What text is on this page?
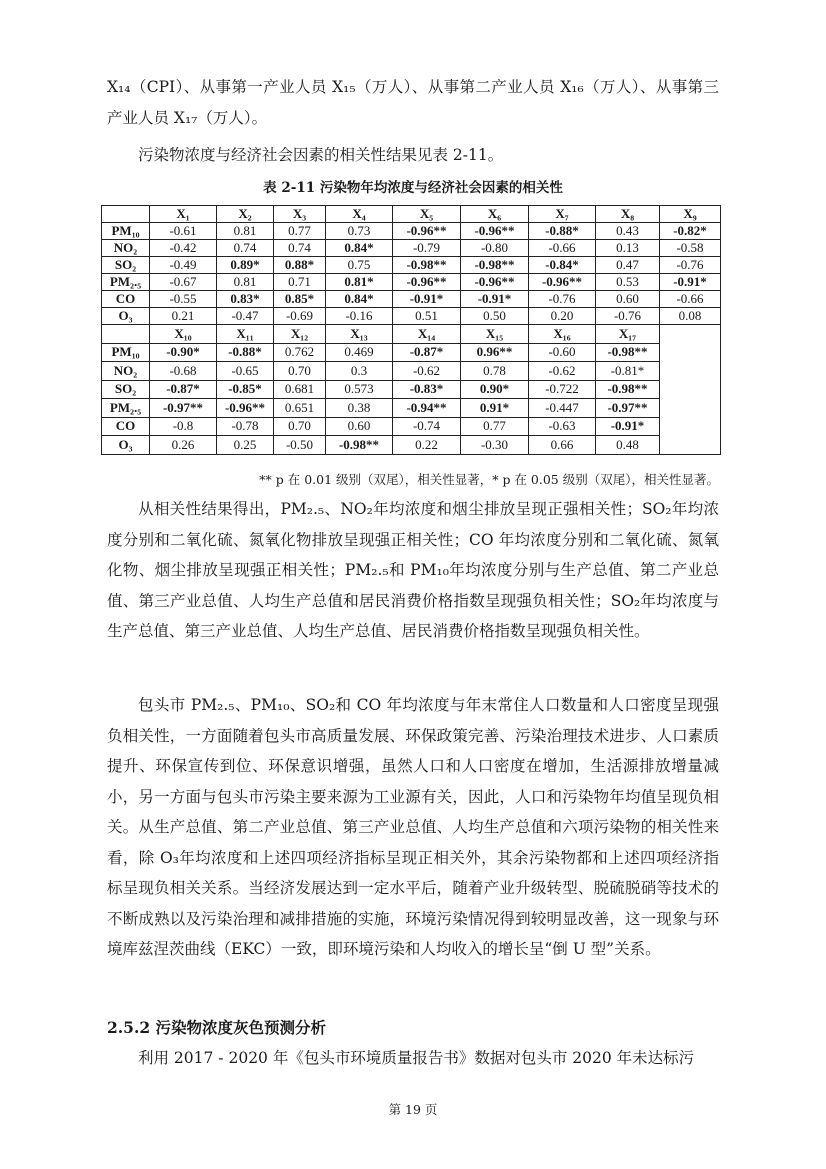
X₁₄（CPI）、从事第一产业人员 X₁₅（万人）、从事第二产业人员 X₁₆（万人）、从事第三产业人员 X₁₇（万人）。

污染物浓度与经济社会因素的相关性结果见表 2-11。

表 2-11 污染物年均浓度与经济社会因素的相关性
	X₁	X₂	X₃	X₄	X₅	X₆	X₇	X₈	X₉
PM₁₀	-0.61	0.81	0.77	0.73	-0.96**	-0.96**	-0.88*	0.43	-0.82*
NO₂	-0.42	0.74	0.74	0.84*	-0.79	-0.80	-0.66	0.13	-0.58
SO₂	-0.49	0.89*	0.88*	0.75	-0.98**	-0.98**	-0.84*	0.47	-0.76
PM₂.₅	-0.67	0.81	0.71	0.81*	-0.96**	-0.96**	-0.96**	0.53	-0.91*
CO	-0.55	0.83*	0.85*	0.84*	-0.91*	-0.91*	-0.76	0.60	-0.66
O₃	0.21	-0.47	-0.69	-0.16	0.51	0.50	0.20	-0.76	0.08
	X₁₀	X₁₁	X₁₂	X₁₃	X₁₄	X₁₅	X₁₆	X₁₇	
PM₁₀	-0.90*	-0.88*	0.762	0.469	-0.87*	0.96**	-0.60	-0.98**	
NO₂	-0.68	-0.65	0.70	0.3	-0.62	0.78	-0.62	-0.81*	
SO₂	-0.87*	-0.85*	0.681	0.573	-0.83*	0.90*	-0.722	-0.98**	
PM₂.₅	-0.97**	-0.96**	0.651	0.38	-0.94**	0.91*	-0.447	-0.97**	
CO	-0.8	-0.78	0.70	0.60	-0.74	0.77	-0.63	-0.91*	
O₃	0.26	0.25	-0.50	-0.98**	0.22	-0.30	0.66	0.48	
** p 在 0.01 级别（双尾），相关性显著，* p 在 0.05 级别（双尾），相关性显著。

从相关性结果得出，PM₂.₅、NO₂年均浓度和烟尘排放呈现正强相关性；SO₂年均浓度分别和二氧化硫、氮氧化物排放呈现强正相关性；CO 年均浓度分别和二氧化硫、氮氧化物、烟尘排放呈现强正相关性；PM₂.₅和 PM₁₀年均浓度分别与生产总值、第二产业总值、第三产业总值、人均生产总值和居民消费价格指数呈现强负相关性；SO₂年均浓度与生产总值、第三产业总值、人均生产总值、居民消费价格指数呈现强负相关性。

包头市 PM₂.₅、PM₁₀、SO₂和 CO 年均浓度与年末常住人口数量和人口密度呈现强负相关性，一方面随着包头市高质量发展、环保政策完善、污染治理技术进步、人口素质提升、环保宣传到位、环保意识增强，虽然人口和人口密度在增加，生活源排放增量减小，另一方面与包头市污染主要来源为工业源有关，因此，人口和污染物年均值呈现负相关。从生产总值、第二产业总值、第三产业总值、人均生产总值和六项污染物的相关性来看，除 O₃年均浓度和上述四项经济指标呈现正相关外，其余污染物都和上述四项经济指标呈现负相关关系。当经济发展达到一定水平后，随着产业升级转型、脱硫脱硝等技术的不断成熟以及污染治理和减排措施的实施，环境污染情况得到较明显改善，这一现象与环境库兹涅茨曲线（EKC）一致，即环境污染和人均收入的增长呈“倒 U 型”关系。

2.5.2 污染物浓度灰色预测分析

利用 2017 - 2020 年《包头市环境质量报告书》数据对包头市 2020 年未达标污

第 19 页
